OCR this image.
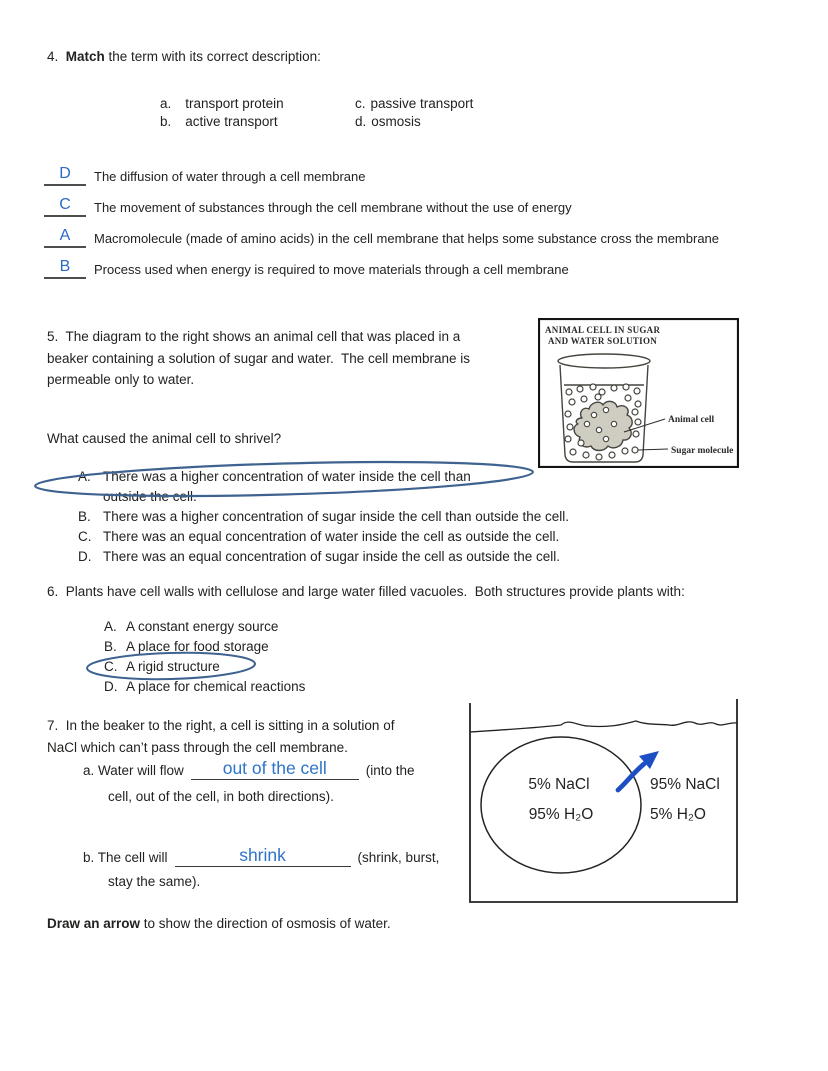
4.  Match the term with its correct description:

a. transport protein

b. active transport

c. passive transport

d. osmosis

D	The diffusion of water through a cell membrane
C	The movement of substances through the cell membrane without the use of energy
A	Macromolecule (made of amino acids) in the cell membrane that helps some substance cross the membrane
B	Process used when energy is required to move materials through a cell membrane
5.  The diagram to the right shows an animal cell that was placed in a
beaker containing a solution of sugar and water.  The cell membrane is
permeable only to water.
ANIMAL CELL IN SUGAR
AND WATER SOLUTION
Animal cell
Sugar molecule
What caused the animal cell to shrivel?
A. There was a higher concentration of water inside the cell than
outside the cell.
B. There was a higher concentration of sugar inside the cell than outside the cell.
C. There was an equal concentration of water inside the cell as outside the cell.
D. There was an equal concentration of sugar inside the cell as outside the cell.
6.  Plants have cell walls with cellulose and large water filled vacuoles.  Both structures provide plants with:
A. A constant energy source
B. A place for food storage
C. A rigid structure
D. A place for chemical reactions
7.  In the beaker to the right, a cell is sitting in a solution of
NaCl which can’t pass through the cell membrane.
a. Water will flow	out of the cell	(into the
cell, out of the cell, in both directions).
b. The cell will	shrink	(shrink, burst,
stay the same).
Draw an arrow to show the direction of osmosis of water.
5% NaCl
95% H₂O
95% NaCl
5% H₂O
